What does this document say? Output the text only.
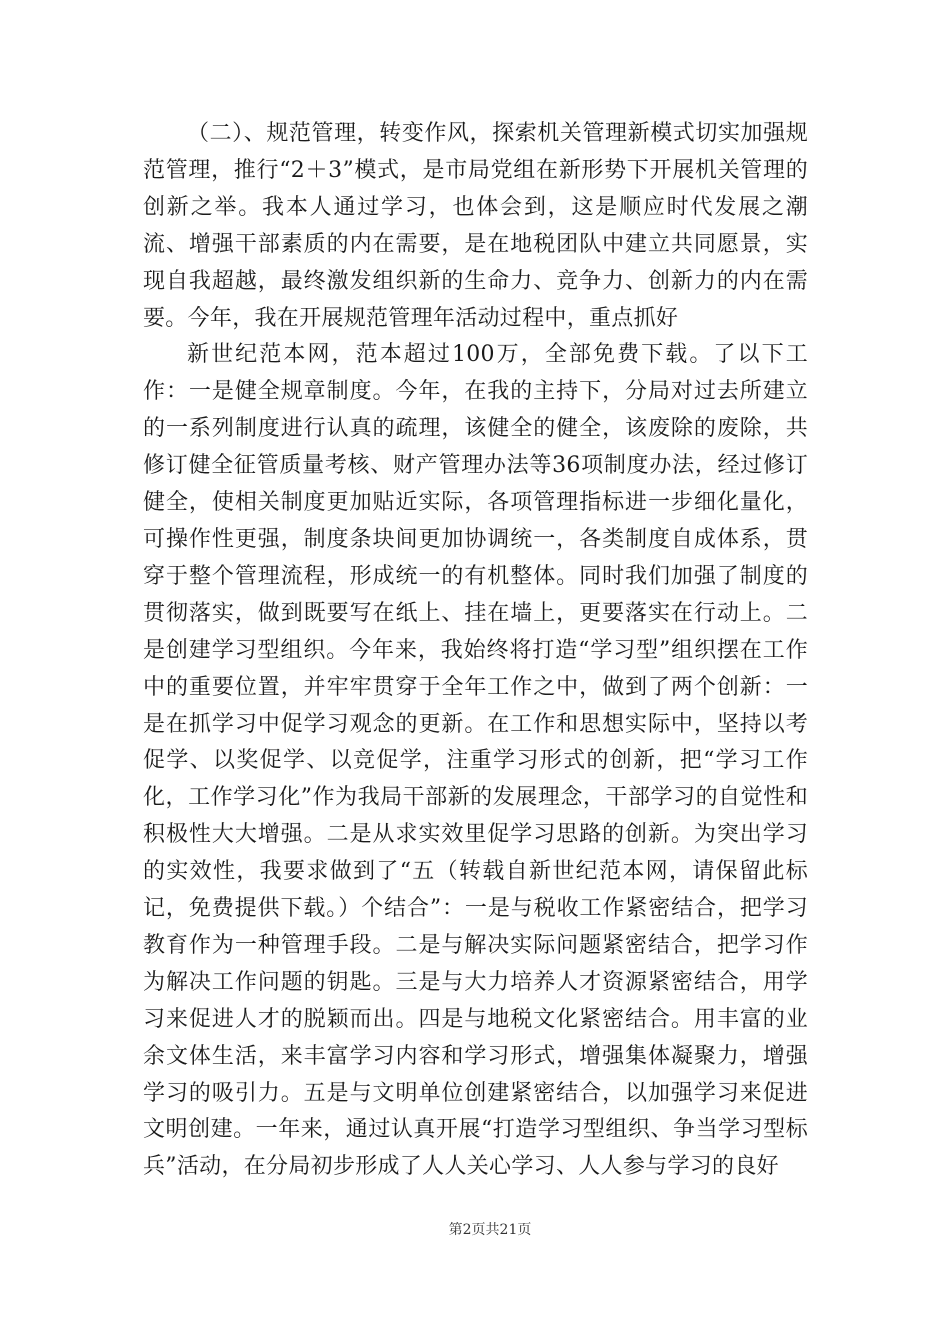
（二）、规范管理，转变作风，探索机关管理新模式切实加强规范管理，推行“2＋3”模式，是市局党组在新形势下开展机关管理的创新之举。我本人通过学习，也体会到，这是顺应时代发展之潮流、增强干部素质的内在需要，是在地税团队中建立共同愿景，实现自我超越，最终激发组织新的生命力、竞争力、创新力的内在需要。今年，我在开展规范管理年活动过程中，重点抓好

新世纪范本网，范本超过100万，全部免费下载。了以下工作：一是健全规章制度。今年，在我的主持下，分局对过去所建立的一系列制度进行认真的疏理，该健全的健全，该废除的废除，共修订健全征管质量考核、财产管理办法等36项制度办法，经过修订健全，使相关制度更加贴近实际，各项管理指标进一步细化量化，可操作性更强，制度条块间更加协调统一，各类制度自成体系，贯穿于整个管理流程，形成统一的有机整体。同时我们加强了制度的贯彻落实，做到既要写在纸上、挂在墙上，更要落实在行动上。二是创建学习型组织。今年来，我始终将打造“学习型”组织摆在工作中的重要位置，并牢牢贯穿于全年工作之中，做到了两个创新：一是在抓学习中促学习观念的更新。在工作和思想实际中，坚持以考促学、以奖促学、以竞促学，注重学习形式的创新，把“学习工作化，工作学习化”作为我局干部新的发展理念，干部学习的自觉性和积极性大大增强。二是从求实效里促学习思路的创新。为突出学习的实效性，我要求做到了“五（转载自新世纪范本网，请保留此标记，免费提供下载。）个结合”：一是与税收工作紧密结合，把学习教育作为一种管理手段。二是与解决实际问题紧密结合，把学习作为解决工作问题的钥匙。三是与大力培养人才资源紧密结合，用学习来促进人才的脱颖而出。四是与地税文化紧密结合。用丰富的业余文体生活，来丰富学习内容和学习形式，增强集体凝聚力，增强学习的吸引力。五是与文明单位创建紧密结合，以加强学习来促进文明创建。一年来，通过认真开展“打造学习型组织、争当学习型标兵”活动，在分局初步形成了人人关心学习、人人参与学习的良好

第2页共21页
